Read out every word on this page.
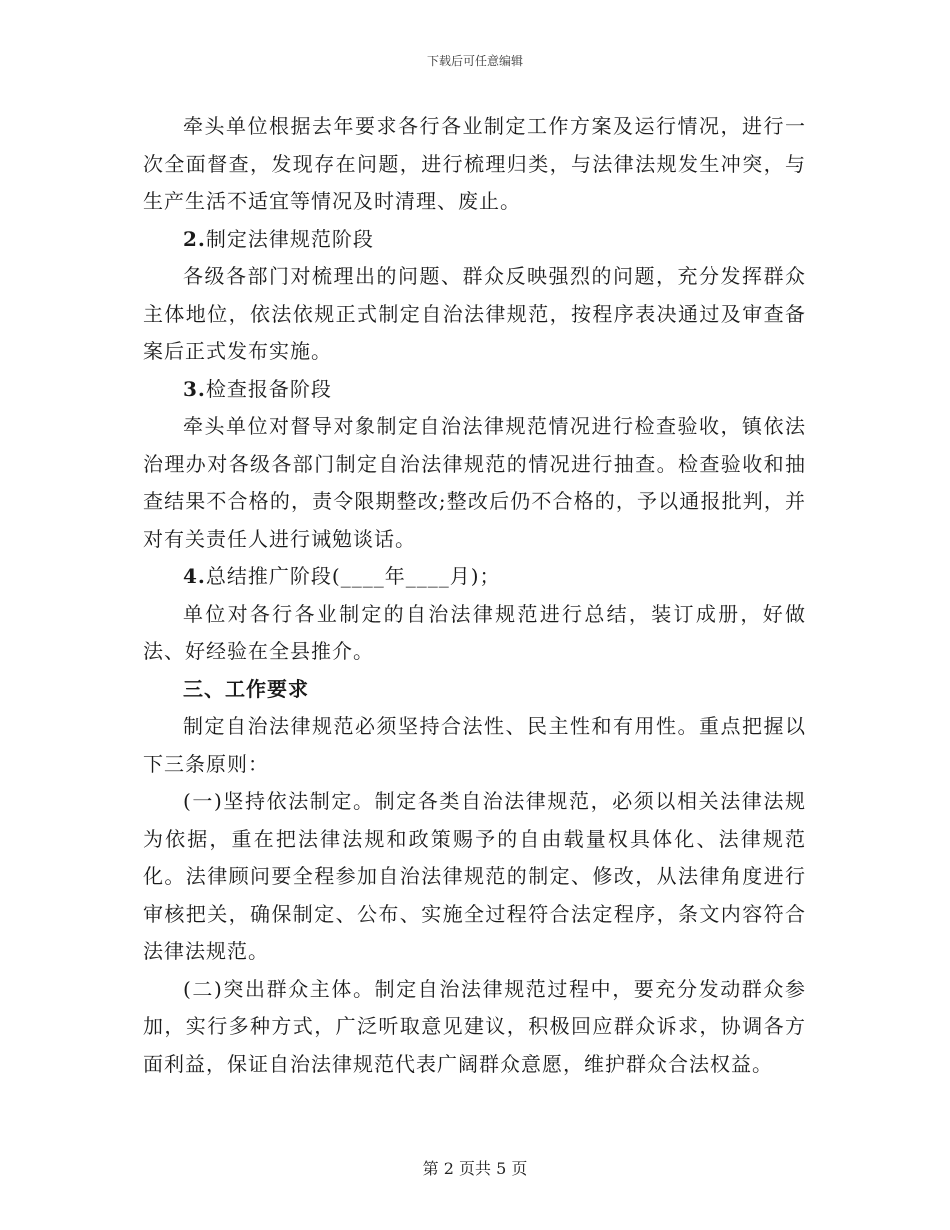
下载后可任意编辑

牵头单位根据去年要求各行各业制定工作方案及运行情况，进行一次全面督查，发现存在问题，进行梳理归类，与法律法规发生冲突，与生产生活不适宜等情况及时清理、废止。

2.制定法律规范阶段

各级各部门对梳理出的问题、群众反映强烈的问题，充分发挥群众主体地位，依法依规正式制定自治法律规范，按程序表决通过及审查备案后正式发布实施。

3.检查报备阶段

牵头单位对督导对象制定自治法律规范情况进行检查验收，镇依法治理办对各级各部门制定自治法律规范的情况进行抽查。检查验收和抽查结果不合格的，责令限期整改;整改后仍不合格的，予以通报批判，并对有关责任人进行诫勉谈话。

4.总结推广阶段(____年____月)；

单位对各行各业制定的自治法律规范进行总结，装订成册，好做法、好经验在全县推介。

三、工作要求

制定自治法律规范必须坚持合法性、民主性和有用性。重点把握以下三条原则：

(一)坚持依法制定。制定各类自治法律规范，必须以相关法律法规为依据，重在把法律法规和政策赐予的自由载量权具体化、法律规范化。法律顾问要全程参加自治法律规范的制定、修改，从法律角度进行审核把关，确保制定、公布、实施全过程符合法定程序，条文内容符合法律法规范。

(二)突出群众主体。制定自治法律规范过程中，要充分发动群众参加，实行多种方式，广泛听取意见建议，积极回应群众诉求，协调各方面利益，保证自治法律规范代表广阔群众意愿，维护群众合法权益。

第 2 页共 5 页
